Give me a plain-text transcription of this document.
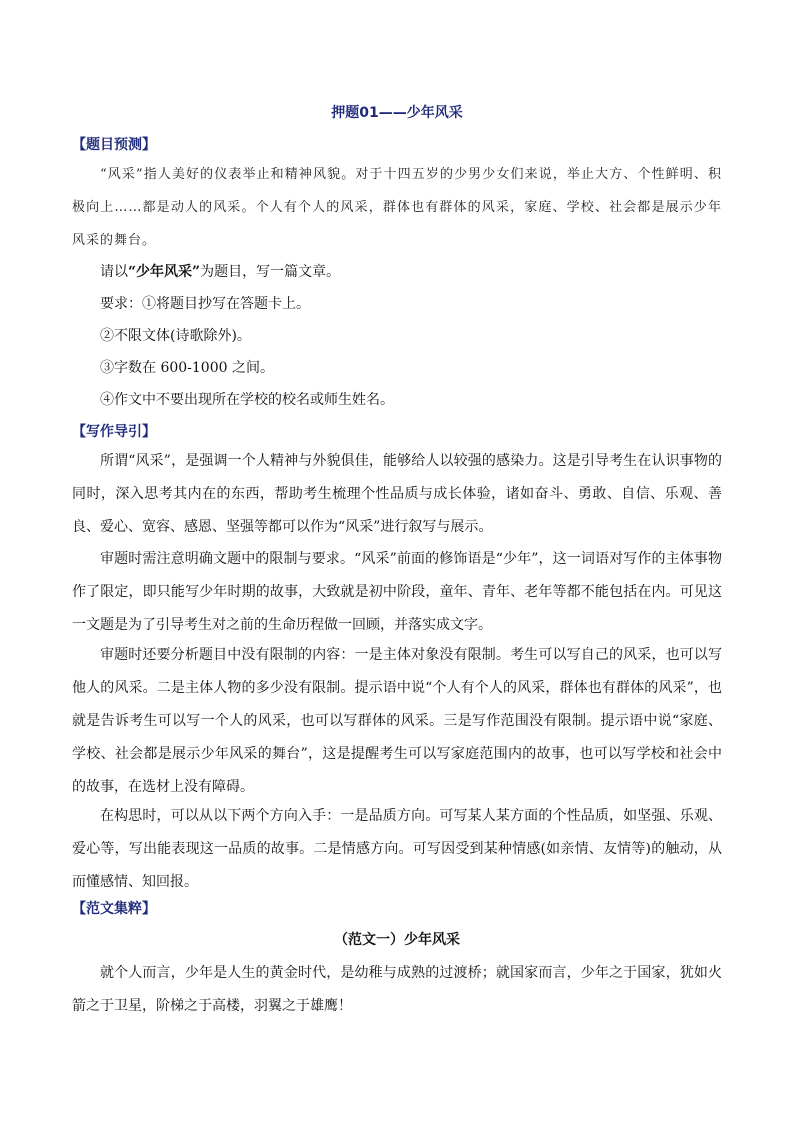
押题01——少年风采
【题目预测】

“风采”指人美好的仪表举止和精神风貌。对于十四五岁的少男少女们来说，举止大方、个性鲜明、积极向上……都是动人的风采。个人有个人的风采，群体也有群体的风采，家庭、学校、社会都是展示少年风采的舞台。

请以“少年风采”为题目，写一篇文章。

要求：①将题目抄写在答题卡上。

②不限文体(诗歌除外)。

③字数在 600-1000 之间。

④作文中不要出现所在学校的校名或师生姓名。

【写作导引】

所谓“风采”，是强调一个人精神与外貌俱佳，能够给人以较强的感染力。这是引导考生在认识事物的同时，深入思考其内在的东西，帮助考生梳理个性品质与成长体验，诸如奋斗、勇敢、自信、乐观、善良、爱心、宽容、感恩、坚强等都可以作为“风采”进行叙写与展示。

审题时需注意明确文题中的限制与要求。“风采”前面的修饰语是“少年”，这一词语对写作的主体事物作了限定，即只能写少年时期的故事，大致就是初中阶段，童年、青年、老年等都不能包括在内。可见这一文题是为了引导考生对之前的生命历程做一回顾，并落实成文字。

审题时还要分析题目中没有限制的内容：一是主体对象没有限制。考生可以写自己的风采，也可以写他人的风采。二是主体人物的多少没有限制。提示语中说“个人有个人的风采，群体也有群体的风采”，也就是告诉考生可以写一个人的风采，也可以写群体的风采。三是写作范围没有限制。提示语中说“家庭、学校、社会都是展示少年风采的舞台”，这是提醒考生可以写家庭范围内的故事，也可以写学校和社会中的故事，在选材上没有障碍。

在构思时，可以从以下两个方向入手：一是品质方向。可写某人某方面的个性品质，如坚强、乐观、爱心等，写出能表现这一品质的故事。二是情感方向。可写因受到某种情感(如亲情、友情等)的触动，从而懂感情、知回报。

【范文集粹】
（范文一）少年风采

就个人而言，少年是人生的黄金时代，是幼稚与成熟的过渡桥；就国家而言，少年之于国家，犹如火箭之于卫星，阶梯之于高楼，羽翼之于雄鹰！
